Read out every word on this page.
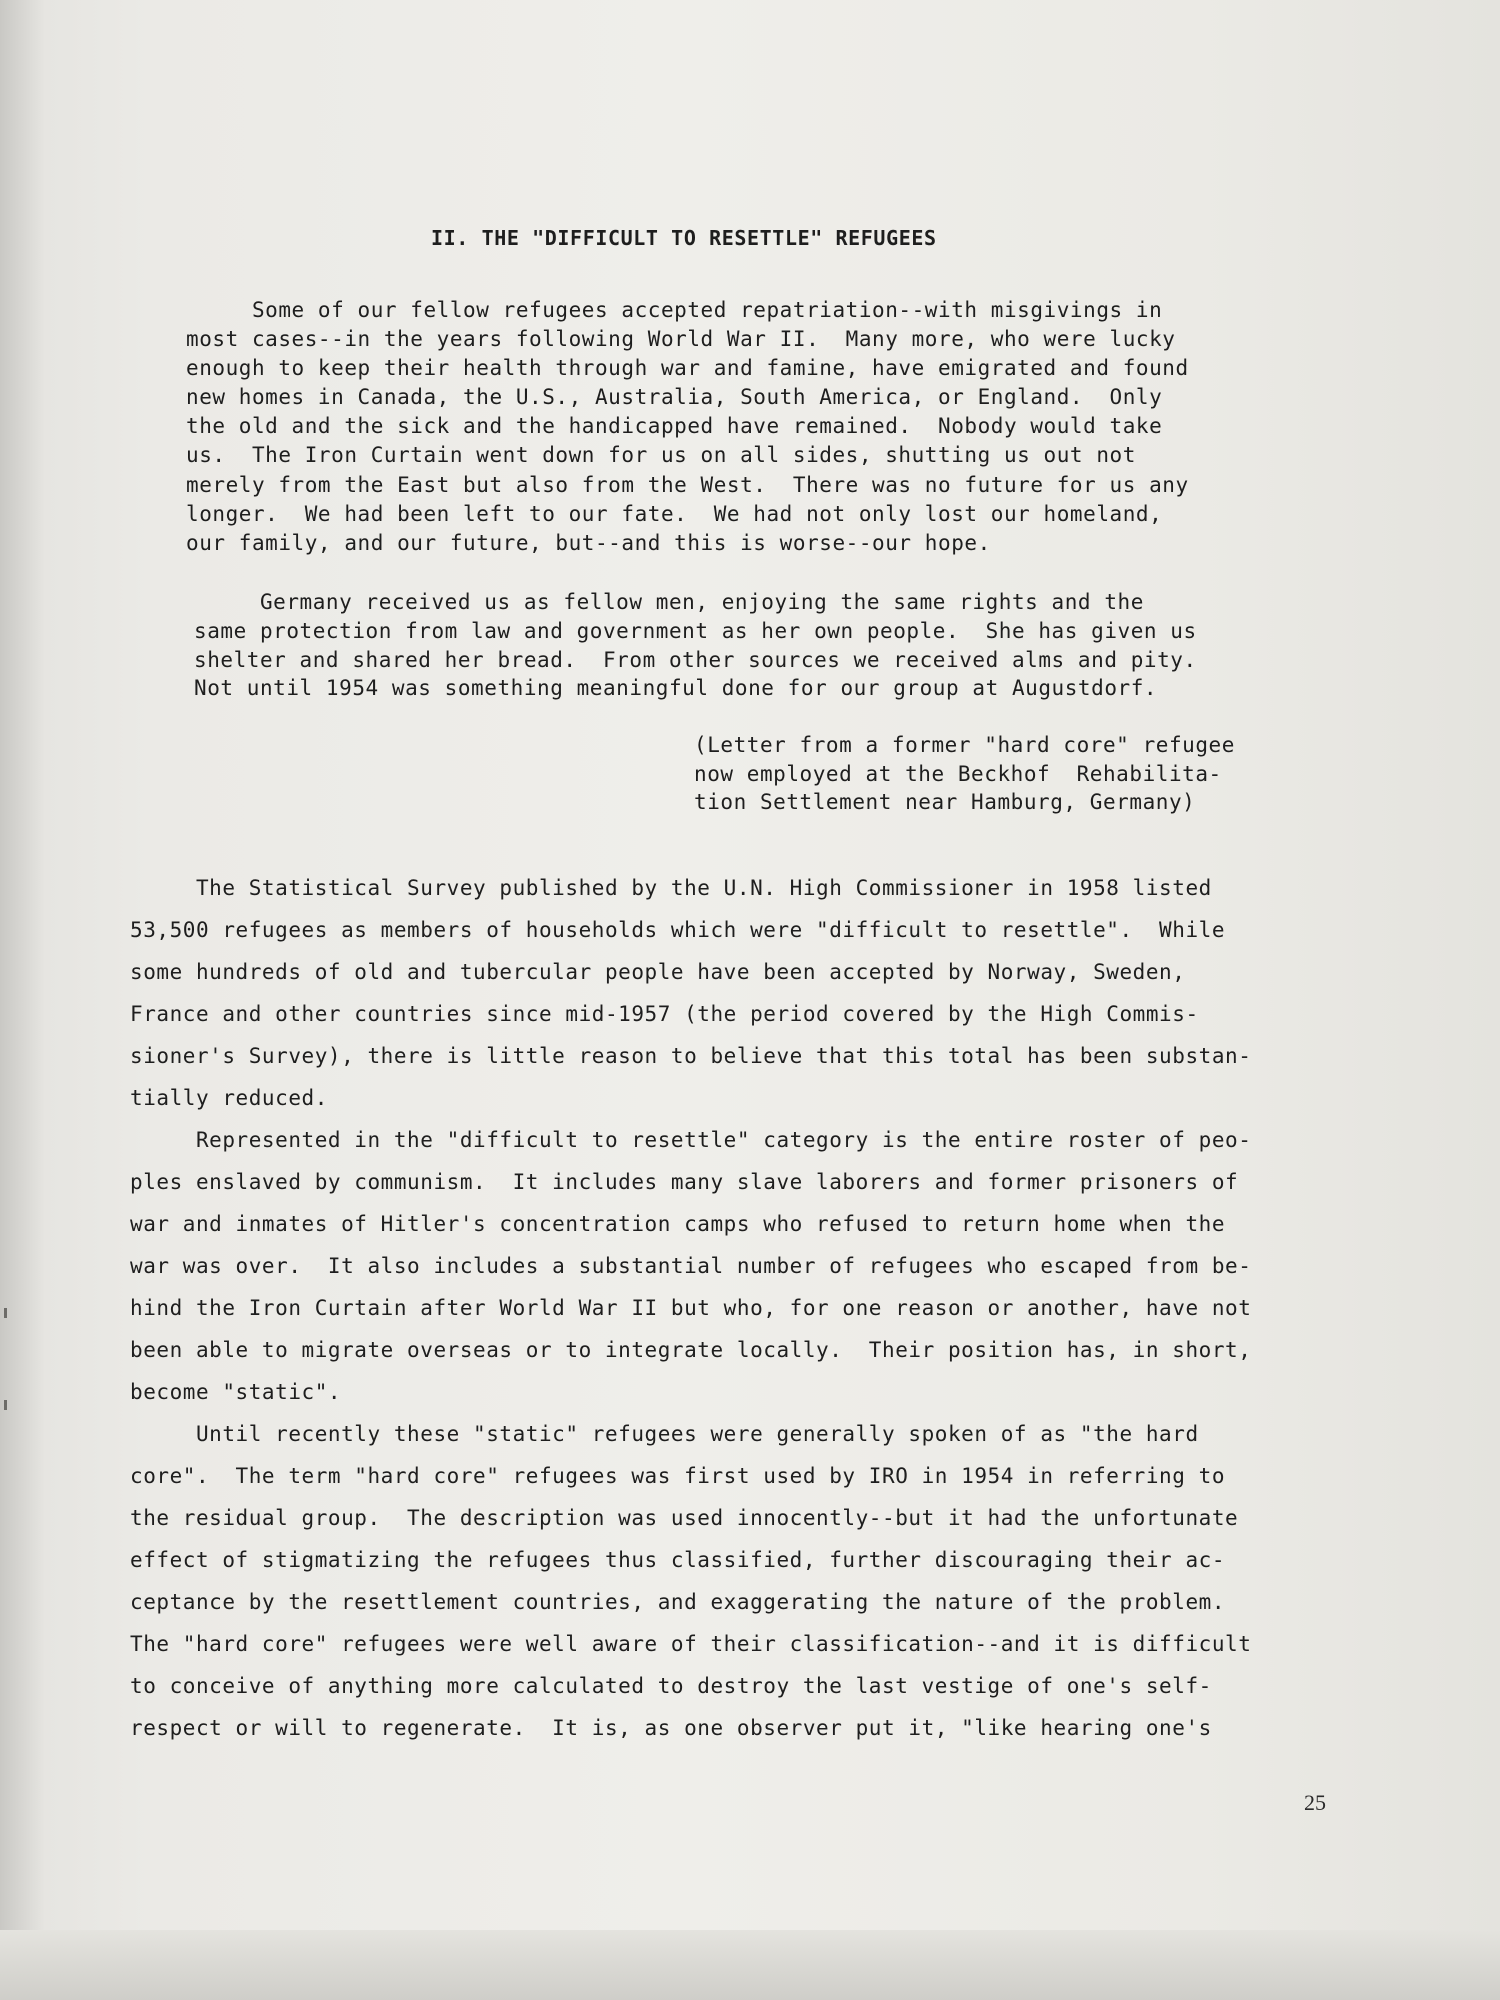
II. THE "DIFFICULT TO RESETTLE" REFUGEES

Some of our fellow refugees accepted repatriation--with misgivings in
most cases--in the years following World War II.  Many more, who were lucky
enough to keep their health through war and famine, have emigrated and found
new homes in Canada, the U.S., Australia, South America, or England.  Only
the old and the sick and the handicapped have remained.  Nobody would take
us.  The Iron Curtain went down for us on all sides, shutting us out not
merely from the East but also from the West.  There was no future for us any
longer.  We had been left to our fate.  We had not only lost our homeland,
our family, and our future, but--and this is worse--our hope.

Germany received us as fellow men, enjoying the same rights and the
same protection from law and government as her own people.  She has given us
shelter and shared her bread.  From other sources we received alms and pity.
Not until 1954 was something meaningful done for our group at Augustdorf.

(Letter from a former "hard core" refugee
now employed at the Beckhof  Rehabilita-
tion Settlement near Hamburg, Germany)

The Statistical Survey published by the U.N. High Commissioner in 1958 listed
53,500 refugees as members of households which were "difficult to resettle".  While
some hundreds of old and tubercular people have been accepted by Norway, Sweden,
France and other countries since mid-1957 (the period covered by the High Commis-
sioner's Survey), there is little reason to believe that this total has been substan-
tially reduced.

Represented in the "difficult to resettle" category is the entire roster of peo-
ples enslaved by communism.  It includes many slave laborers and former prisoners of
war and inmates of Hitler's concentration camps who refused to return home when the
war was over.  It also includes a substantial number of refugees who escaped from be-
hind the Iron Curtain after World War II but who, for one reason or another, have not
been able to migrate overseas or to integrate locally.  Their position has, in short,
become "static".

Until recently these "static" refugees were generally spoken of as "the hard
core".  The term "hard core" refugees was first used by IRO in 1954 in referring to
the residual group.  The description was used innocently--but it had the unfortunate
effect of stigmatizing the refugees thus classified, further discouraging their ac-
ceptance by the resettlement countries, and exaggerating the nature of the problem.
The "hard core" refugees were well aware of their classification--and it is difficult
to conceive of anything more calculated to destroy the last vestige of one's self-
respect or will to regenerate.  It is, as one observer put it, "like hearing one's

25
